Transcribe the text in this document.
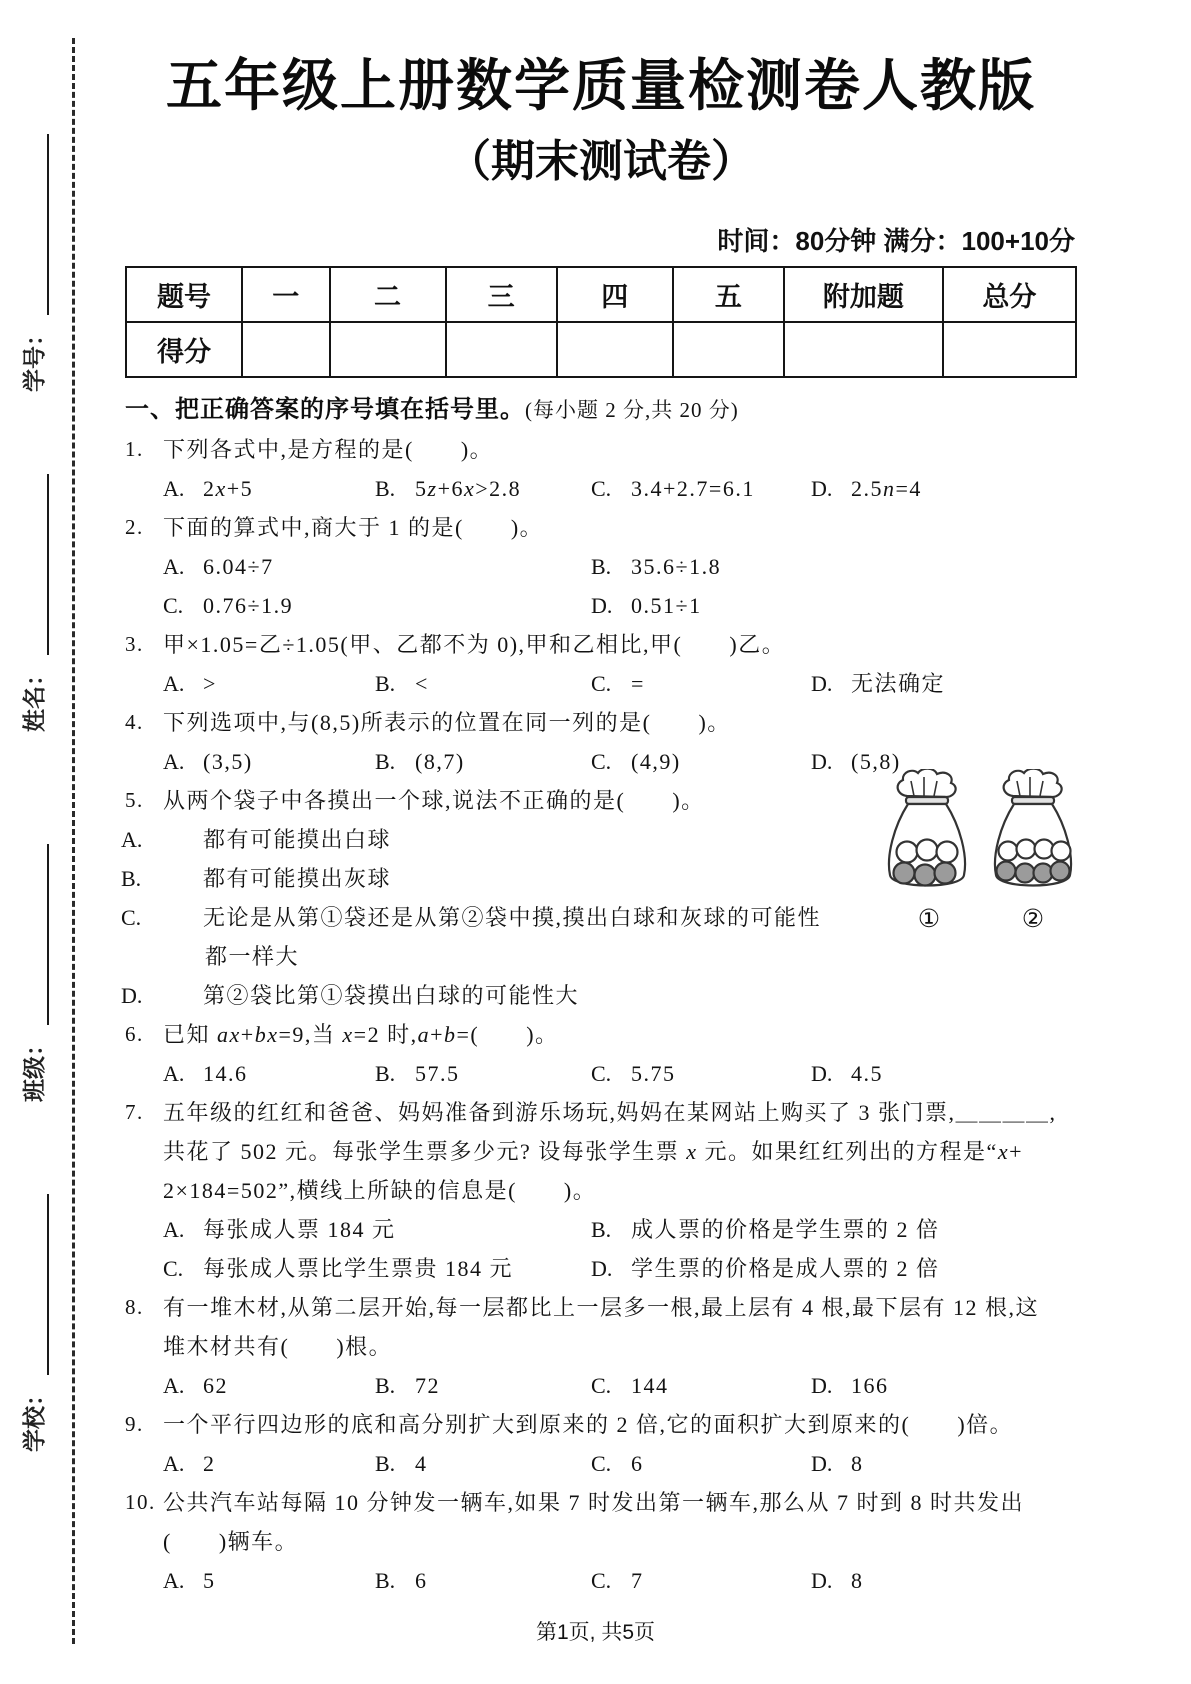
学号：
姓名：
班级：
学校：
五年级上册数学质量检测卷人教版
（期末测试卷）
时间：80分钟 满分：100+10分
题号	一	二	三	四	五	附加题	总分
得分							
一、把正确答案的序号填在括号里。(每小题 2 分,共 20 分)
1. 下列各式中,是方程的是(　　)。
A. 2x+5	B. 5z+6x>2.8	C. 3.4+2.7=6.1	D. 2.5n=4
2. 下面的算式中,商大于 1 的是(　　)。
A. 6.04÷7	B. 35.6÷1.8
C. 0.76÷1.9	D. 0.51÷1
3. 甲×1.05=乙÷1.05(甲、乙都不为 0),甲和乙相比,甲(　　)乙。
A. >	B. <	C. =	D. 无法确定
4. 下列选项中,与(8,5)所表示的位置在同一列的是(　　)。
A. (3,5)	B. (8,7)	C. (4,9)	D. (5,8)
5.
①	②
从两个袋子中各摸出一个球,说法不正确的是(　　)。
A.	都有可能摸出白球
B.	都有可能摸出灰球
C.	无论是从第①袋还是从第②袋中摸,摸出白球和灰球的可能性
都一样大
D.	第②袋比第①袋摸出白球的可能性大
6. 已知 ax+bx=9,当 x=2 时,a+b=(　　)。
A. 14.6	B. 57.5	C. 5.75	D. 4.5
7. 五年级的红红和爸爸、妈妈准备到游乐场玩,妈妈在某网站上购买了 3 张门票,＿＿＿＿,
共花了 502 元。每张学生票多少元? 设每张学生票 x 元。如果红红列出的方程是“x+
2×184=502”,横线上所缺的信息是(　　)。
A. 每张成人票 184 元	B. 成人票的价格是学生票的 2 倍
C. 每张成人票比学生票贵 184 元	D. 学生票的价格是成人票的 2 倍
8. 有一堆木材,从第二层开始,每一层都比上一层多一根,最上层有 4 根,最下层有 12 根,这
堆木材共有(　　)根。
A. 62	B. 72	C. 144	D. 166
9. 一个平行四边形的底和高分别扩大到原来的 2 倍,它的面积扩大到原来的(　　)倍。
A. 2	B. 4	C. 6	D. 8
10. 公共汽车站每隔 10 分钟发一辆车,如果 7 时发出第一辆车,那么从 7 时到 8 时共发出
(　　)辆车。
A. 5	B. 6	C. 7	D. 8
第1页, 共5页
